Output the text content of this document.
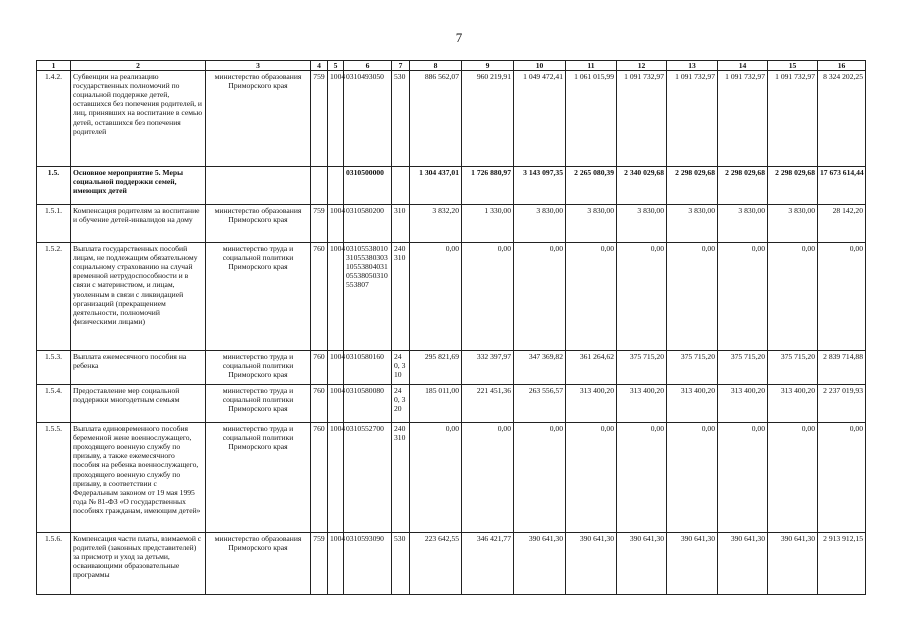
7
1	2	3	4	5	6	7	8	9	10	11	12	13	14	15	16
1.4.2.	Субвенции на реализацию государственных полномочий по социальной поддержке детей, оставшихся без попечения родителей, и лиц, принявших на воспитание в семью детей, оставшихся без попечения родителей	министерство образования Приморского края	759	1004	0310493050	530	886 562,07	960 219,91	1 049 472,41	1 061 015,99	1 091 732,97	1 091 732,97	1 091 732,97	1 091 732,97	8 324 202,25
1.5.	Основное мероприятие 5. Меры социальной поддержки семей, имеющих детей				0310500000		1 304 437,01	1 726 880,97	3 143 097,35	2 265 080,39	2 340 029,68	2 298 029,68	2 298 029,68	2 298 029,68	17 673 614,44
1.5.1.	Компенсация родителям за воспитание и обучение детей-инвалидов на дому	министерство образования Приморского края	759	1004	0310580200	310	3 832,20	1 330,00	3 830,00	3 830,00	3 830,00	3 830,00	3 830,00	3 830,00	28 142,20
1.5.2.	Выплата государственных пособий лицам, не подлежащим обязательному социальному страхованию на случай временной нетрудоспособности и в связи с материнством, и лицам, уволенным в связи с ликвидацией организаций (прекращением деятельности, полномочий физическими лицами)	министерство труда и социальной политики Приморского края	760	1004	03105538010310553803031055380403105538050310553807	240310	0,00	0,00	0,00	0,00	0,00	0,00	0,00	0,00	0,00
1.5.3.	Выплата ежемесячного пособия на ребенка	министерство труда и социальной политики Приморского края	760	1004	0310580160	240, 310	295 821,69	332 397,97	347 369,82	361 264,62	375 715,20	375 715,20	375 715,20	375 715,20	2 839 714,88
1.5.4.	Предоставление мер социальной поддержки многодетным семьям	министерство труда и социальной политики Приморского края	760	1004	0310580080	240, 320	185 011,00	221 451,36	263 556,57	313 400,20	313 400,20	313 400,20	313 400,20	313 400,20	2 237 019,93
1.5.5.	Выплата единовременного пособия беременной жене военнослужащего, проходящего военную службу по призыву, а также ежемесячного пособия на ребенка военнослужащего, проходящего военную службу по призыву, в соответствии с Федеральным законом от 19 мая 1995 года № 81-ФЗ «О государственных пособиях гражданам, имеющим детей»	министерство труда и социальной политики Приморского края	760	1004	0310552700	240 310	0,00	0,00	0,00	0,00	0,00	0,00	0,00	0,00	0,00
1.5.6.	Компенсация части платы, взимаемой с родителей (законных представителей) за присмотр и уход за детьми, осваивающими образовательные программы	министерство образования Приморского края	759	1004	0310593090	530	223 642,55	346 421,77	390 641,30	390 641,30	390 641,30	390 641,30	390 641,30	390 641,30	2 913 912,15
